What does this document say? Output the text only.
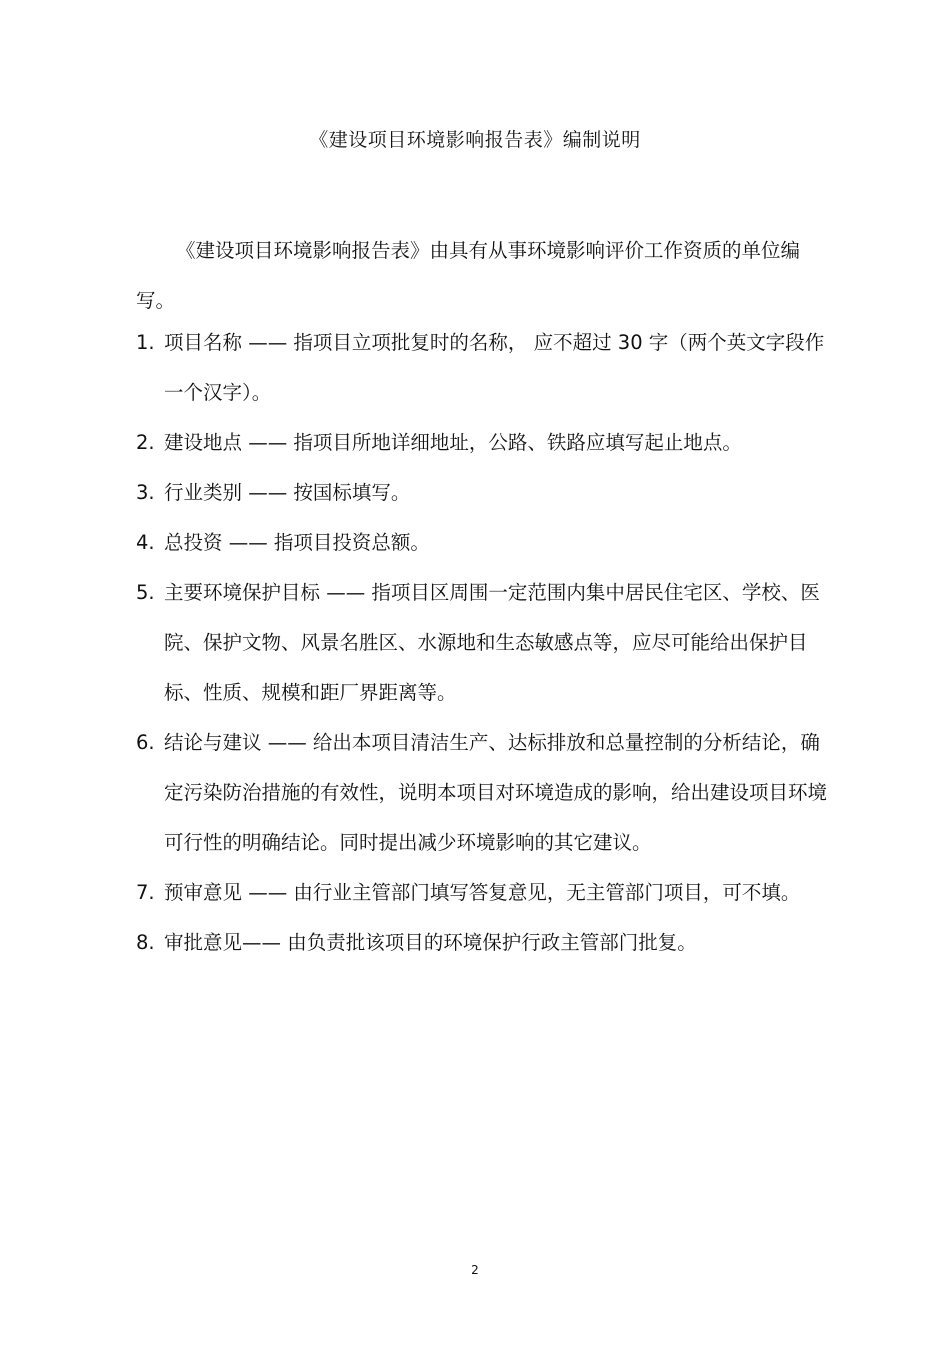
《建设项目环境影响报告表》编制说明
《建设项目环境影响报告表》由具有从事环境影响评价工作资质的单位编写。

1. 项目名称 —— 指项目立项批复时的名称， 应不超过 30 字（两个英文字段作一个汉字）。

2. 建设地点 —— 指项目所地详细地址，公路、铁路应填写起止地点。

3. 行业类别 —— 按国标填写。

4. 总投资 —— 指项目投资总额。

5. 主要环境保护目标 —— 指项目区周围一定范围内集中居民住宅区、学校、医院、保护文物、风景名胜区、水源地和生态敏感点等，应尽可能给出保护目标、性质、规模和距厂界距离等。

6. 结论与建议 —— 给出本项目清洁生产、达标排放和总量控制的分析结论，确定污染防治措施的有效性，说明本项目对环境造成的影响，给出建设项目环境可行性的明确结论。同时提出减少环境影响的其它建议。

7. 预审意见 —— 由行业主管部门填写答复意见，无主管部门项目，可不填。

8. 审批意见—— 由负责批该项目的环境保护行政主管部门批复。

2
